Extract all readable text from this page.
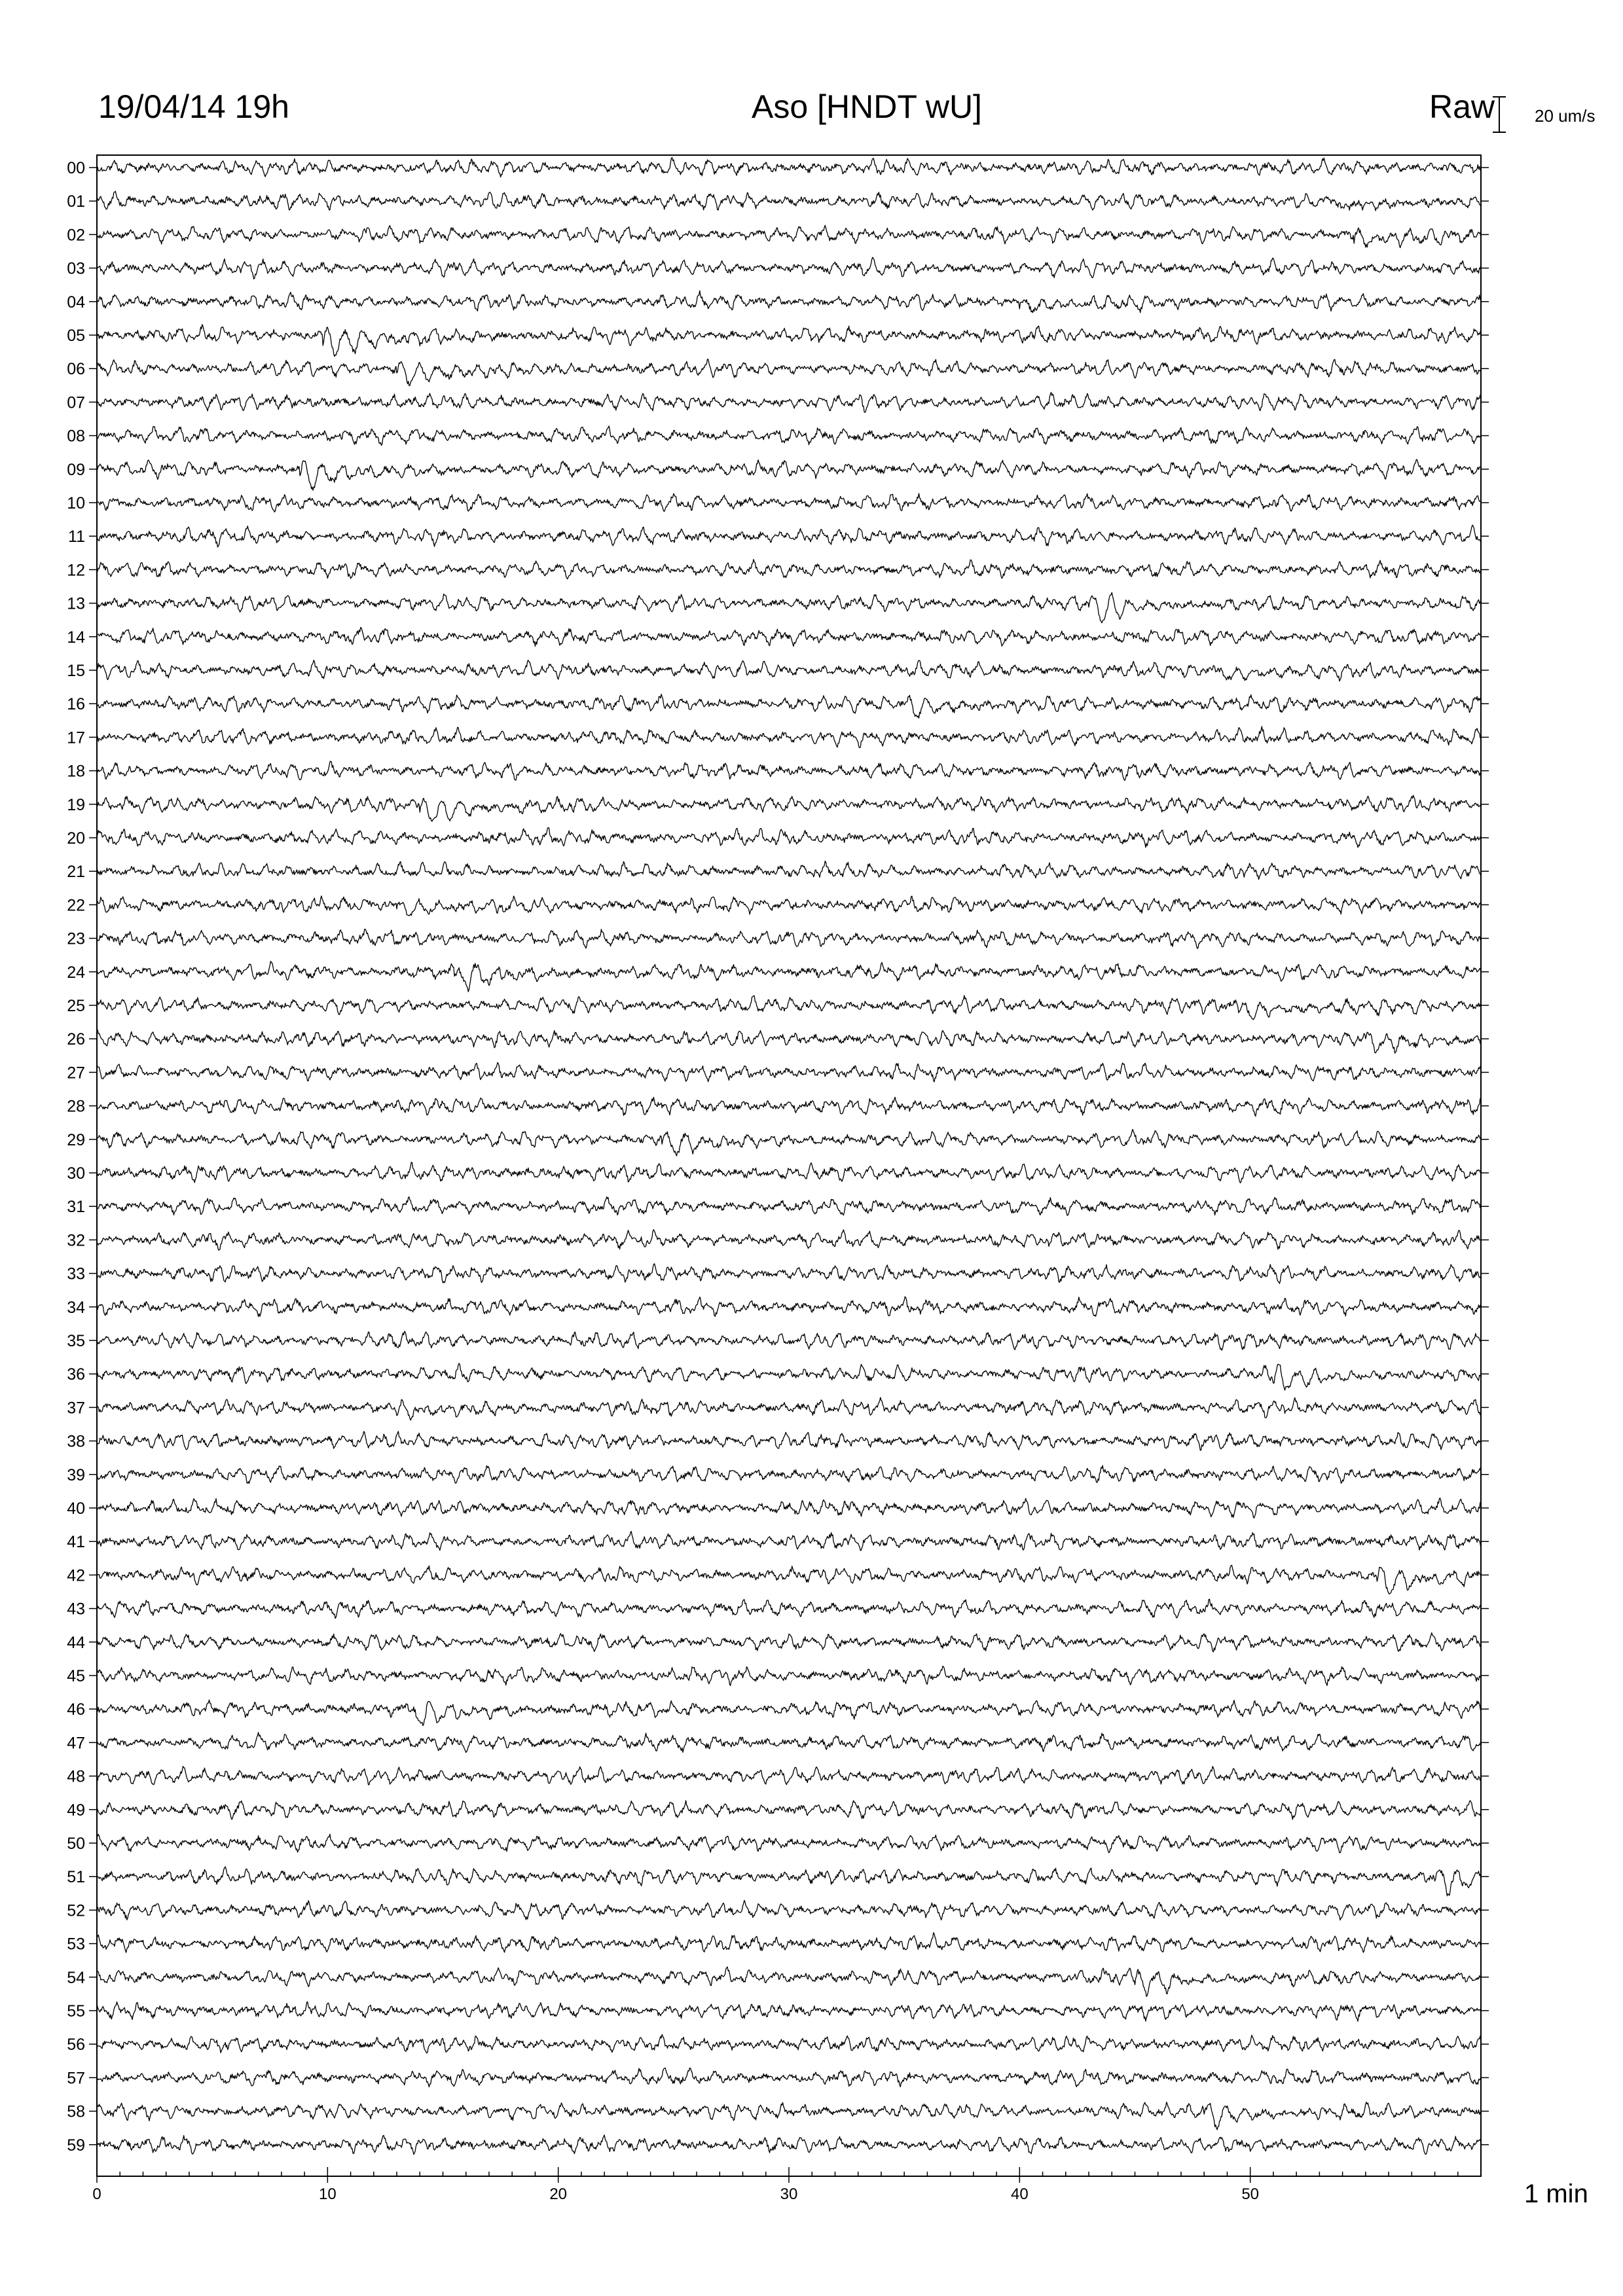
19/04/14 19h	Aso [HNDT wU]	Raw 20 um/s
1 min
00
01
02
03
04
05
06
07
08
09
10
11
12
13
14
15
16
17
18
19
20
21
22
23
24
25
26
27
28
29
30
31
32
33
34
35
36
37
38
39
40
41
42
43
44
45
46
47
48
49
50
51
52
53
54
55
56
57
58
59
0	10	20	30	40	50
